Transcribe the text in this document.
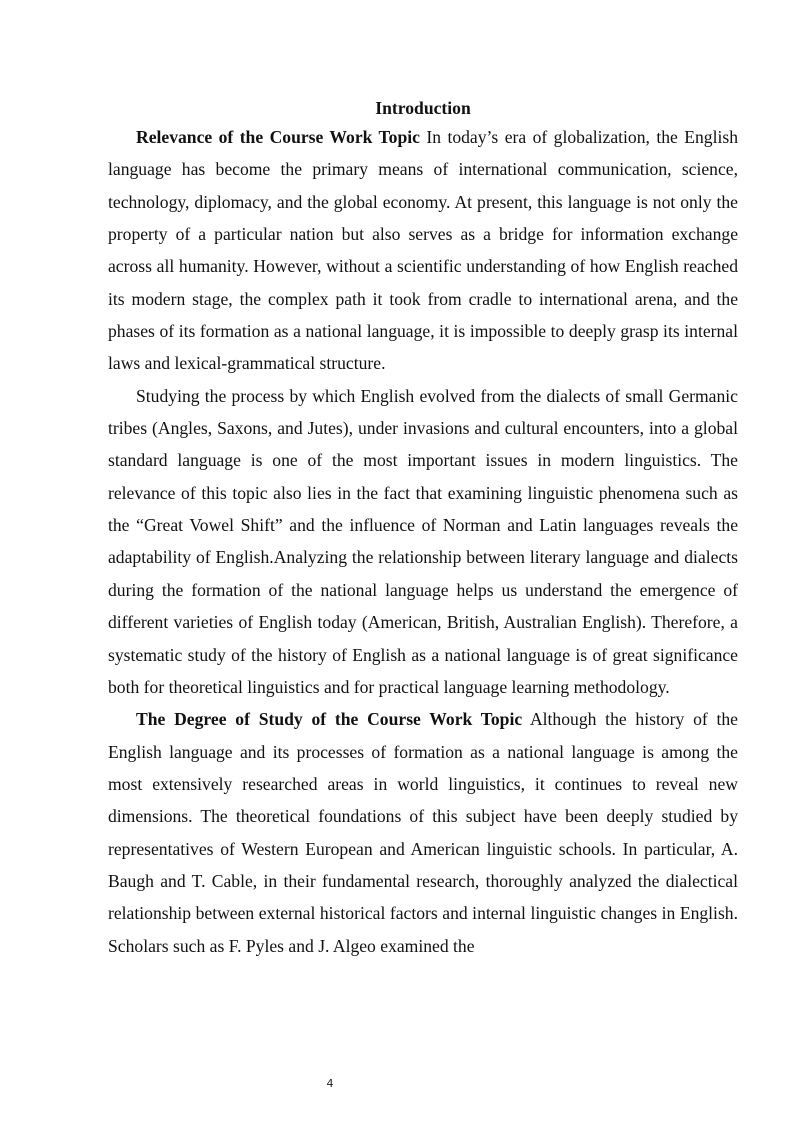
Introduction

Relevance of the Course Work Topic In today’s era of globalization, the English language has become the primary means of international communication, science, technology, diplomacy, and the global economy. At present, this language is not only the property of a particular nation but also serves as a bridge for information exchange across all humanity. However, without a scientific understanding of how English reached its modern stage, the complex path it took from cradle to international arena, and the phases of its formation as a national language, it is impossible to deeply grasp its internal laws and lexical-grammatical structure.

Studying the process by which English evolved from the dialects of small Germanic tribes (Angles, Saxons, and Jutes), under invasions and cultural encounters, into a global standard language is one of the most important issues in modern linguistics. The relevance of this topic also lies in the fact that examining linguistic phenomena such as the “Great Vowel Shift” and the influence of Norman and Latin languages reveals the adaptability of English.Analyzing the relationship between literary language and dialects during the formation of the national language helps us understand the emergence of different varieties of English today (American, British, Australian English). Therefore, a systematic study of the history of English as a national language is of great significance both for theoretical linguistics and for practical language learning methodology.

The Degree of Study of the Course Work Topic Although the history of the English language and its processes of formation as a national language is among the most extensively researched areas in world linguistics, it continues to reveal new dimensions. The theoretical foundations of this subject have been deeply studied by representatives of Western European and American linguistic schools. In particular, A. Baugh and T. Cable, in their fundamental research, thoroughly analyzed the dialectical relationship between external historical factors and internal linguistic changes in English. Scholars such as F. Pyles and J. Algeo examined the

4
